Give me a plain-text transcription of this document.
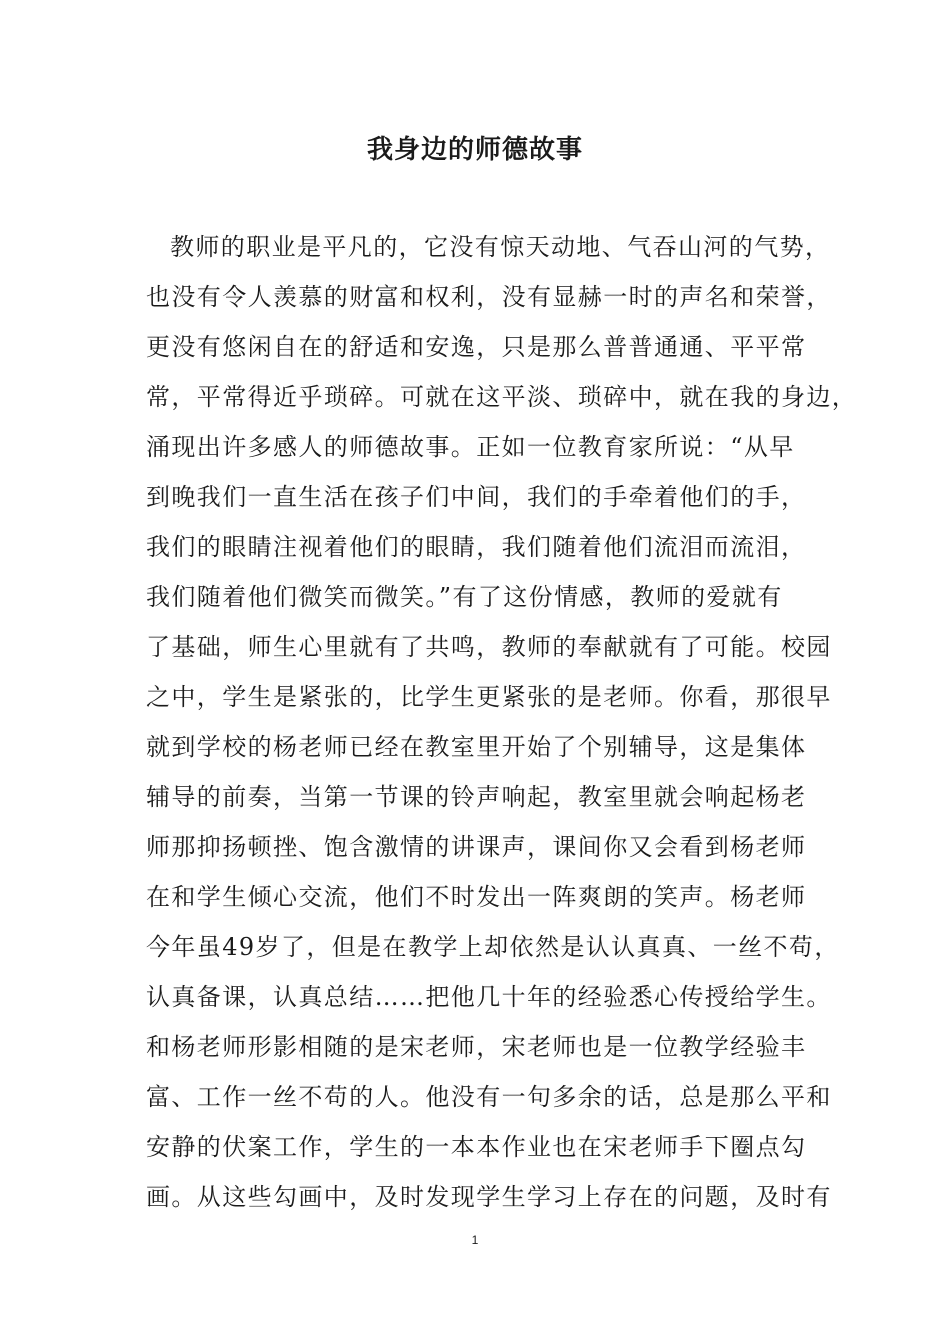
我身边的师德故事
教师的职业是平凡的，它没有惊天动地、气吞山河的气势，
也没有令人羡慕的财富和权利，没有显赫一时的声名和荣誉，
更没有悠闲自在的舒适和安逸，只是那么普普通通、平平常
常，平常得近乎琐碎。可就在这平淡、琐碎中，就在我的身边，
涌现出许多感人的师德故事。正如一位教育家所说：“从早
到晚我们一直生活在孩子们中间，我们的手牵着他们的手，
我们的眼睛注视着他们的眼睛，我们随着他们流泪而流泪，
我们随着他们微笑而微笑。”有了这份情感，教师的爱就有
了基础，师生心里就有了共鸣，教师的奉献就有了可能。校园
之中，学生是紧张的，比学生更紧张的是老师。你看，那很早
就到学校的杨老师已经在教室里开始了个别辅导，这是集体
辅导的前奏，当第一节课的铃声响起，教室里就会响起杨老
师那抑扬顿挫、饱含激情的讲课声，课间你又会看到杨老师
在和学生倾心交流，他们不时发出一阵爽朗的笑声。杨老师
今年虽49岁了，但是在教学上却依然是认认真真、一丝不苟，
认真备课，认真总结……把他几十年的经验悉心传授给学生。
和杨老师形影相随的是宋老师，宋老师也是一位教学经验丰
富、工作一丝不苟的人。他没有一句多余的话，总是那么平和
安静的伏案工作，学生的一本本作业也在宋老师手下圈点勾
画。从这些勾画中，及时发现学生学习上存在的问题，及时有
1
